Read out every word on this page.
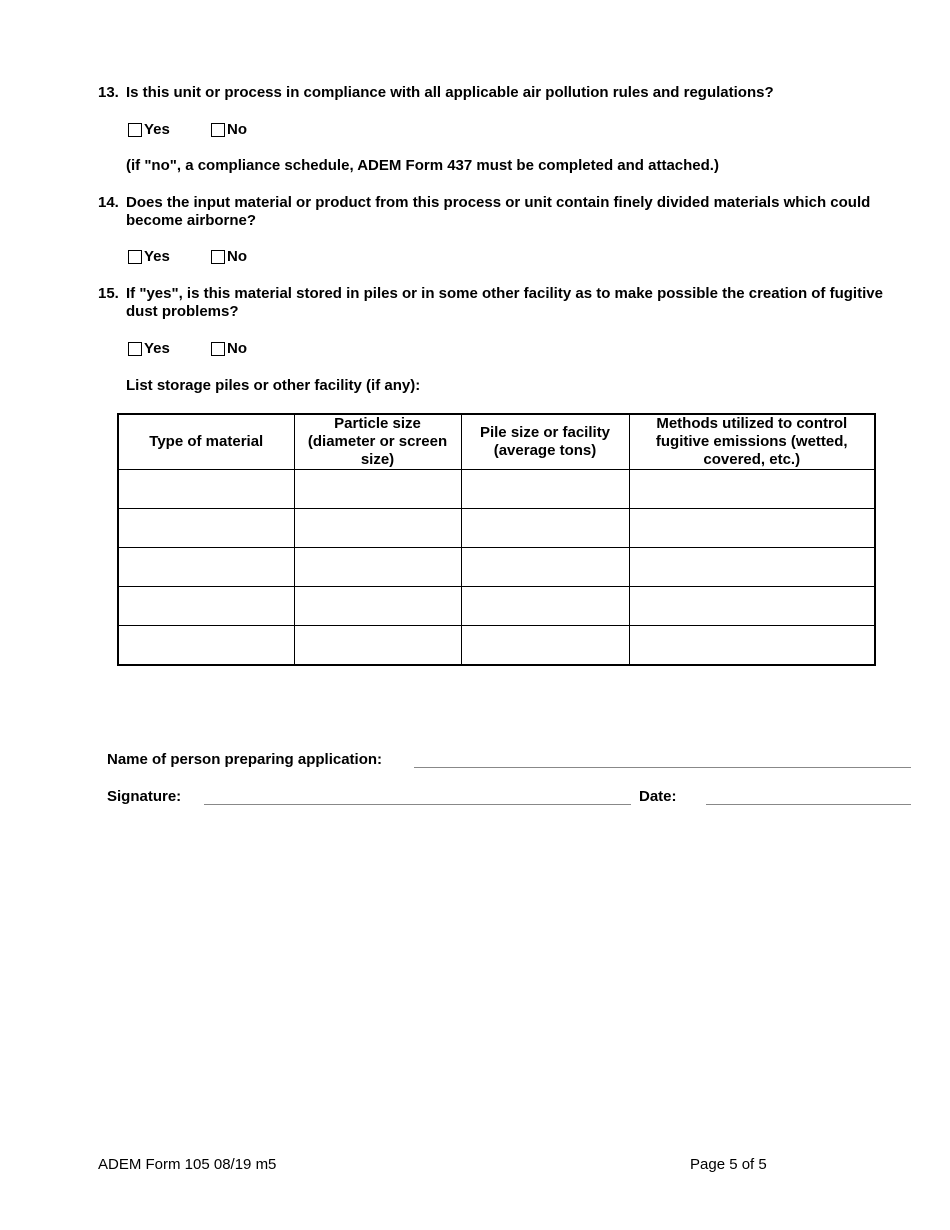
13. Is this unit or process in compliance with all applicable air pollution rules and regulations?
Yes	No
(if "no", a compliance schedule, ADEM Form 437 must be completed and attached.)
14. Does the input material or product from this process or unit contain finely divided materials which could become airborne?
Yes	No
15. If "yes", is this material stored in piles or in some other facility as to make possible the creation of fugitive dust problems?
Yes	No
List storage piles or other facility (if any):
Type of material	Particle size (diameter or screen size)	Pile size or facility (average tons)	Methods utilized to control fugitive emissions (wetted, covered, etc.)

Name of person preparing application:
Signature:	Date:
ADEM Form 105 08/19 m5	Page 5 of 5
